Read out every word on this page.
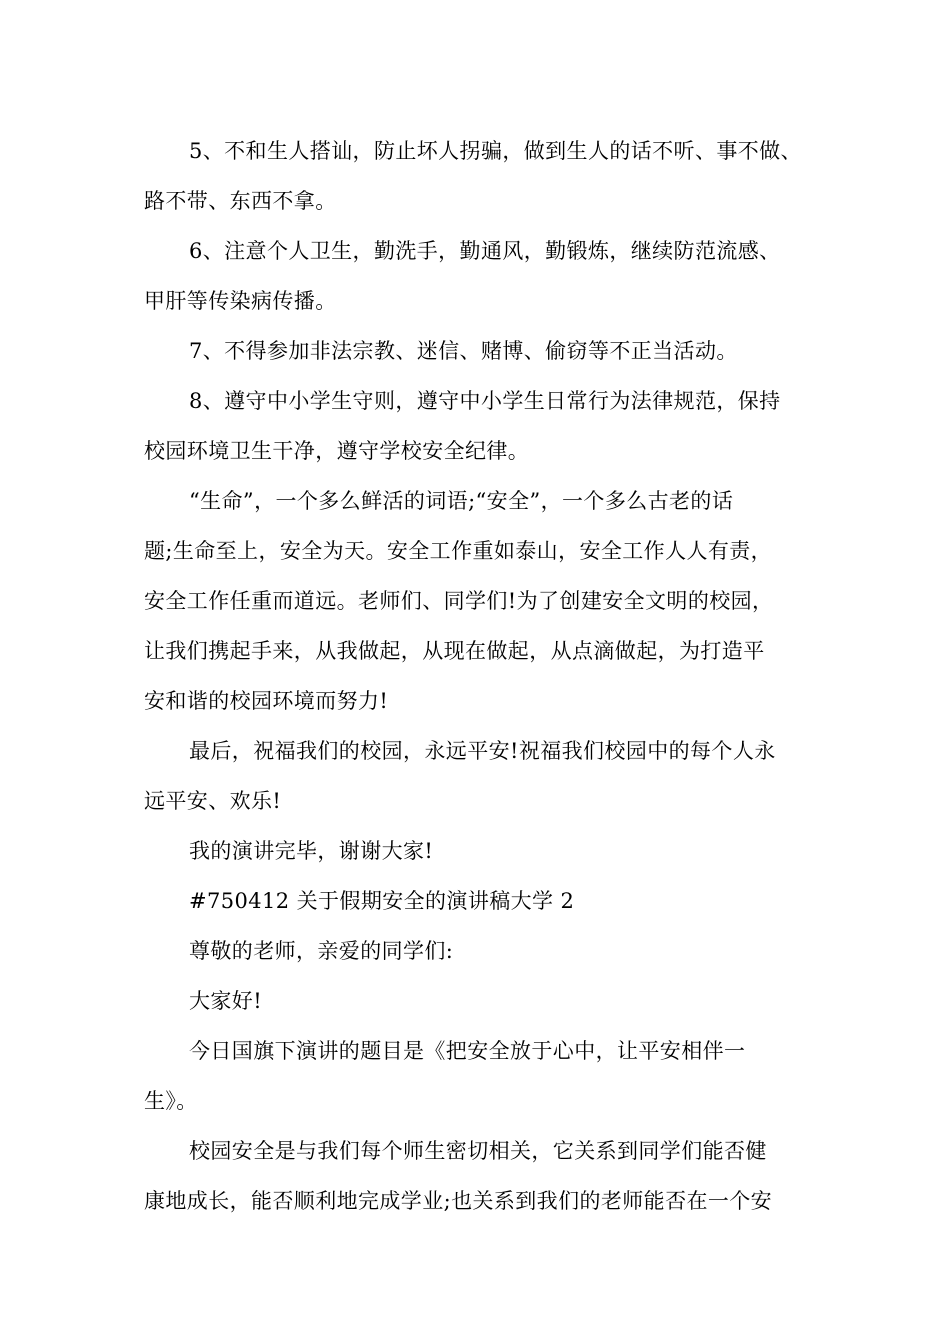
5、不和生人搭讪，防止坏人拐骗，做到生人的话不听、事不做、
路不带、东西不拿。
6、注意个人卫生，勤洗手，勤通风，勤锻炼，继续防范流感、
甲肝等传染病传播。
7、不得参加非法宗教、迷信、赌博、偷窃等不正当活动。
8、遵守中小学生守则，遵守中小学生日常行为法律规范，保持
校园环境卫生干净，遵守学校安全纪律。
“生命”，一个多么鲜活的词语;“安全”，一个多么古老的话
题;生命至上，安全为天。安全工作重如泰山，安全工作人人有责，
安全工作任重而道远。老师们、同学们!为了创建安全文明的校园，
让我们携起手来，从我做起，从现在做起，从点滴做起，为打造平
安和谐的校园环境而努力!
最后，祝福我们的校园，永远平安!祝福我们校园中的每个人永
远平安、欢乐!
我的演讲完毕，谢谢大家!
#750412 关于假期安全的演讲稿大学 2
尊敬的老师，亲爱的同学们:
大家好!
今日国旗下演讲的题目是《把安全放于心中，让平安相伴一
生》。
校园安全是与我们每个师生密切相关，它关系到同学们能否健
康地成长，能否顺利地完成学业;也关系到我们的老师能否在一个安
